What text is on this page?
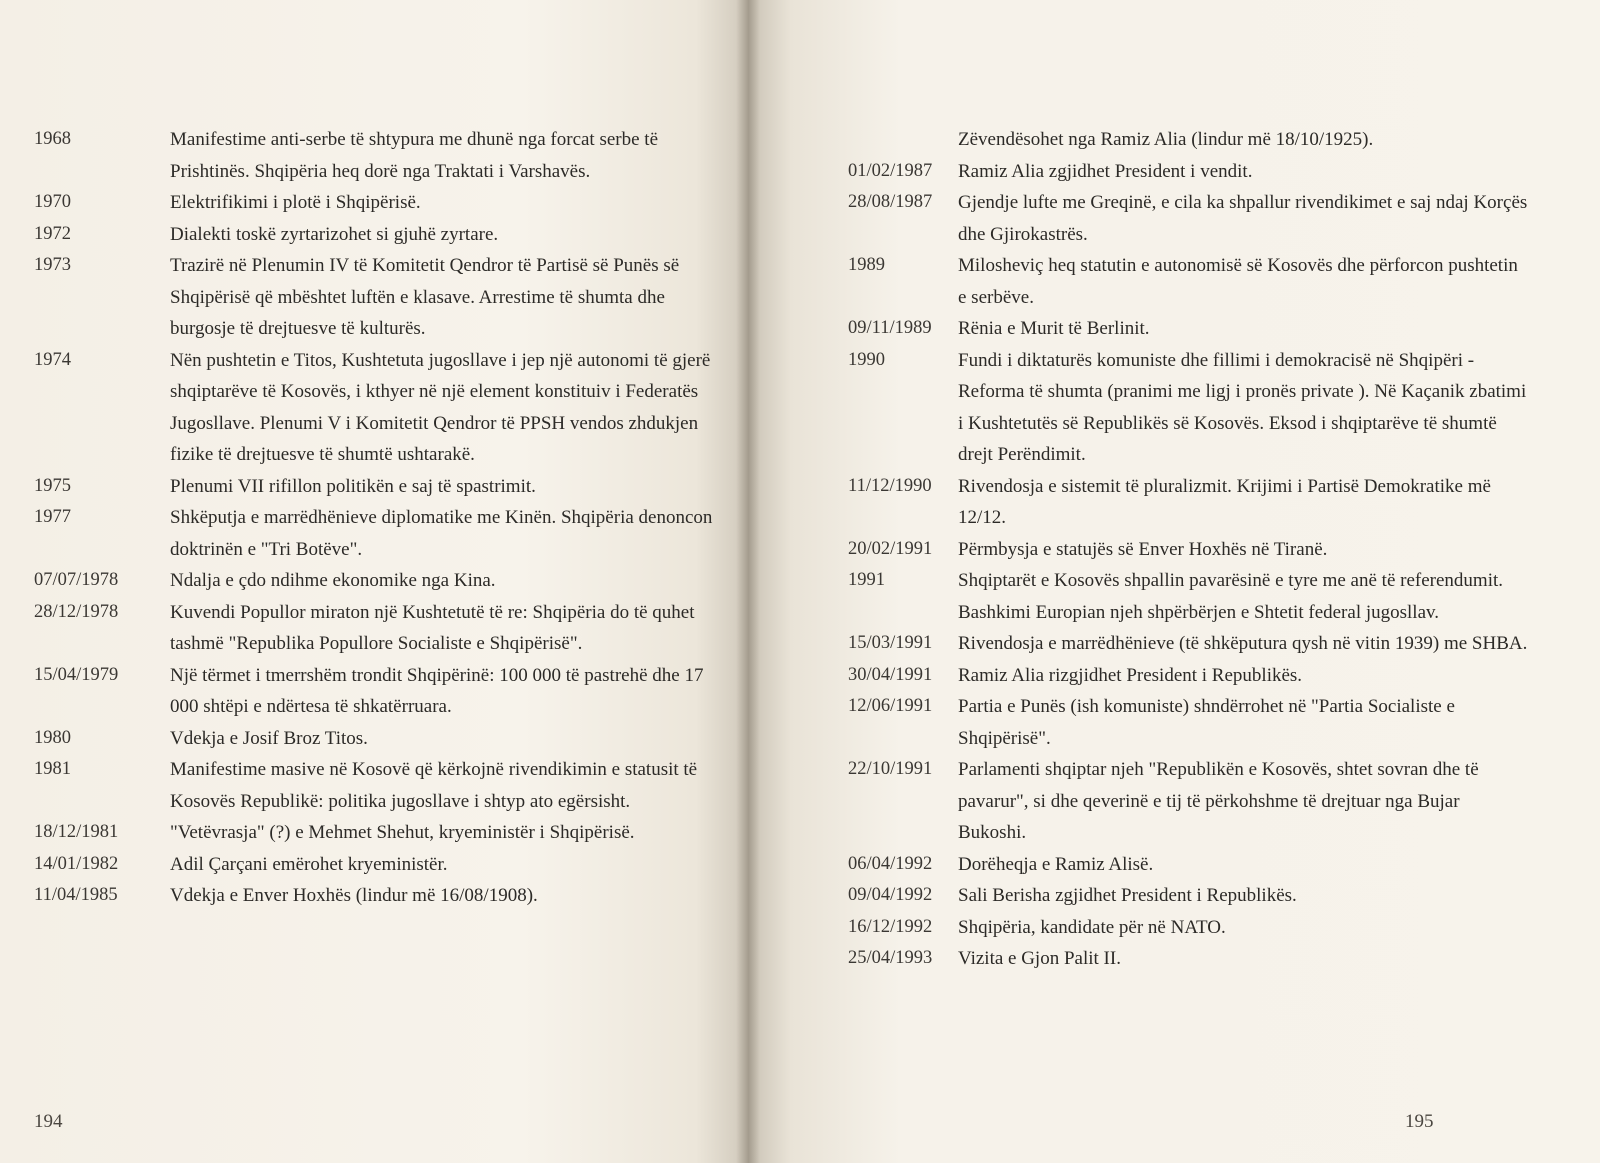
1968	Manifestime anti-serbe të shtypura me dhunë nga forcat serbe të Prishtinës. Shqipëria heq dorë nga Traktati i Varshavës.
1970	Elektrifikimi i plotë i Shqipërisë.
1972	Dialekti toskë zyrtarizohet si gjuhë zyrtare.
1973	Trazirë në Plenumin IV të Komitetit Qendror të Partisë së Punës së Shqipërisë që mbështet luftën e klasave. Arrestime të shumta dhe burgosje të drejtuesve të kulturës.
1974	Nën pushtetin e Titos, Kushtetuta jugosllave i jep një autonomi të gjerë shqiptarëve të Kosovës, i kthyer në një element konstituiv i Federatës Jugosllave. Plenumi V i Komitetit Qendror të PPSH vendos zhdukjen fizike të drejtuesve të shumtë ushtarakë.
1975	Plenumi VII rifillon politikën e saj të spastrimit.
1977	Shkëputja e marrëdhënieve diplomatike me Kinën. Shqipëria denoncon doktrinën e "Tri Botëve".
07/07/1978	Ndalja e çdo ndihme ekonomike nga Kina.
28/12/1978	Kuvendi Popullor miraton një Kushtetutë të re: Shqipëria do të quhet tashmë "Republika Popullore Socialiste e Shqipërisë".
15/04/1979	Një tërmet i tmerrshëm trondit Shqipërinë: 100 000 të pastrehë dhe 17 000 shtëpi e ndërtesa të shkatërruara.
1980	Vdekja e Josif Broz Titos.
1981	Manifestime masive në Kosovë që kërkojnë rivendikimin e statusit të Kosovës Republikë: politika jugosllave i shtyp ato egërsisht.
18/12/1981	"Vetëvrasja" (?) e Mehmet Shehut, kryeministër i Shqipërisë.
14/01/1982	Adil Çarçani emërohet kryeministër.
11/04/1985	Vdekja e Enver Hoxhës (lindur më 16/08/1908).
194
Zëvendësohet nga Ramiz Alia (lindur më 18/10/1925).
01/02/1987	Ramiz Alia zgjidhet President i vendit.
28/08/1987	Gjendje lufte me Greqinë, e cila ka shpallur rivendikimet e saj ndaj Korçës dhe Gjirokastrës.
1989	Milosheviç heq statutin e autonomisë së Kosovës dhe përforcon pushtetin e serbëve.
09/11/1989	Rënia e Murit të Berlinit.
1990	Fundi i diktaturës komuniste dhe fillimi i demokracisë në Shqipëri -Reforma të shumta (pranimi me ligj i pronës private ). Në Kaçanik zbatimi i Kushtetutës së Republikës së Kosovës. Eksod i shqiptarëve të shumtë drejt Perëndimit.
11/12/1990	Rivendosja e sistemit të pluralizmit. Krijimi i Partisë Demokratike më 12/12.
20/02/1991	Përmbysja e statujës së Enver Hoxhës në Tiranë.
1991	Shqiptarët e Kosovës shpallin pavarësinë e tyre me anë të referendumit. Bashkimi Europian njeh shpërbërjen e Shtetit federal jugosllav.
15/03/1991	Rivendosja e marrëdhënieve (të shkëputura qysh në vitin 1939) me SHBA.
30/04/1991	Ramiz Alia rizgjidhet President i Republikës.
12/06/1991	Partia e Punës (ish komuniste) shndërrohet në "Partia Socialiste e Shqipërisë".
22/10/1991	Parlamenti shqiptar njeh "Republikën e Kosovës, shtet sovran dhe të pavarur", si dhe qeverinë e tij të përkohshme të drejtuar nga Bujar Bukoshi.
06/04/1992	Dorëheqja e Ramiz Alisë.
09/04/1992	Sali Berisha zgjidhet President i Republikës.
16/12/1992	Shqipëria, kandidate për në NATO.
25/04/1993	Vizita e Gjon Palit II.
195
